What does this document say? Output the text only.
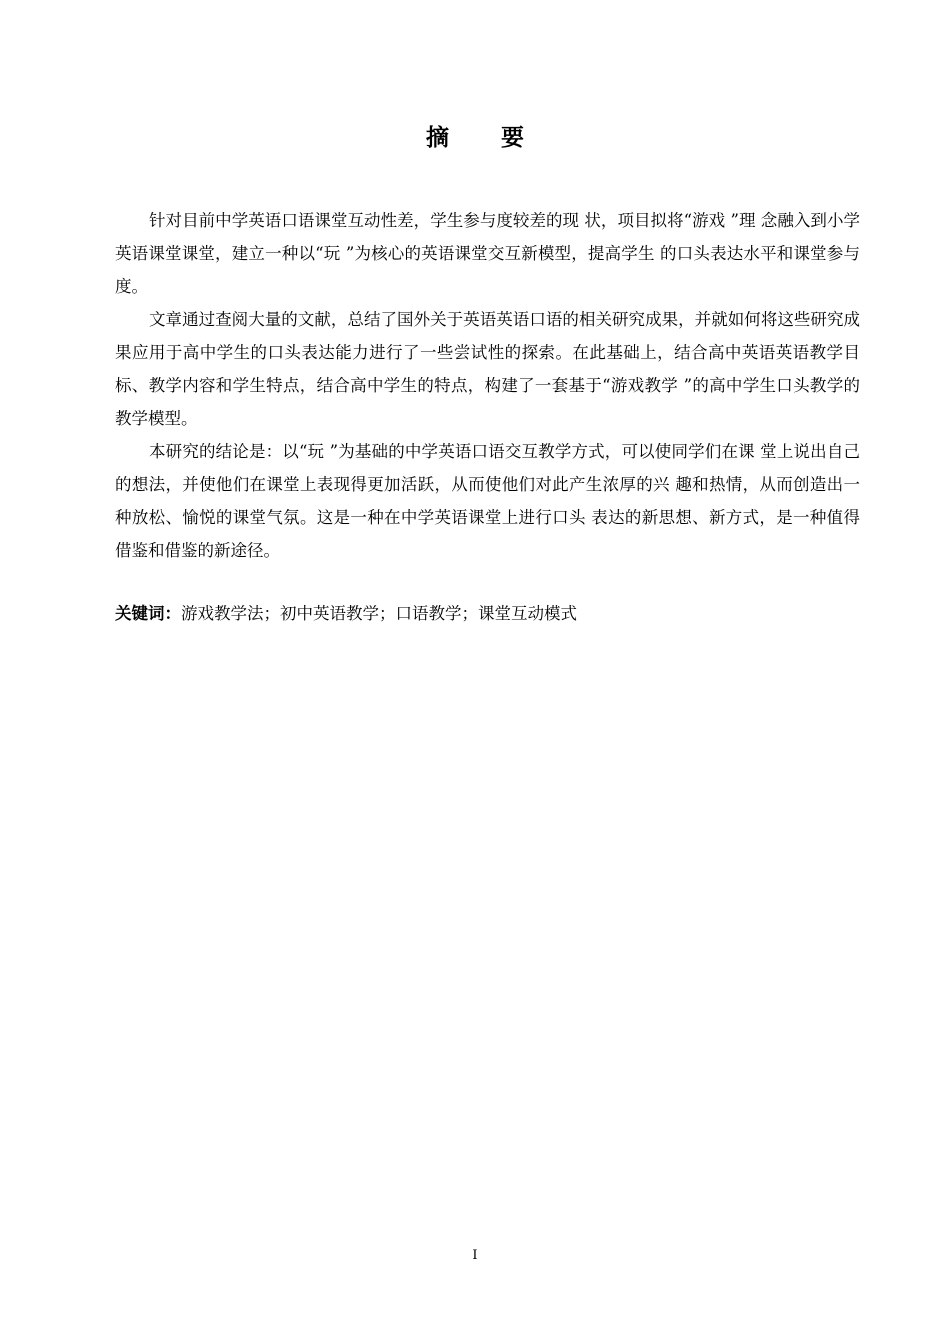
摘 要

针对目前中学英语口语课堂互动性差，学生参与度较差的现 状，项目拟将“游戏 ”理 念融入到小学英语课堂课堂，建立一种以“玩 ”为核心的英语课堂交互新模型，提高学生 的口头表达水平和课堂参与度。

文章通过查阅大量的文献，总结了国外关于英语英语口语的相关研究成果，并就如何将这些研究成果应用于高中学生的口头表达能力进行了一些尝试性的探索。在此基础上，结合高中英语英语教学目标、教学内容和学生特点，结合高中学生的特点，构建了一套基于“游戏教学 ”的高中学生口头教学的教学模型。

本研究的结论是：以“玩 ”为基础的中学英语口语交互教学方式，可以使同学们在课 堂上说出自己的想法，并使他们在课堂上表现得更加活跃，从而使他们对此产生浓厚的兴 趣和热情，从而创造出一种放松、愉悦的课堂气氛。这是一种在中学英语课堂上进行口头 表达的新思想、新方式，是一种值得借鉴和借鉴的新途径。

关键词：游戏教学法；初中英语教学；口语教学；课堂互动模式
I
